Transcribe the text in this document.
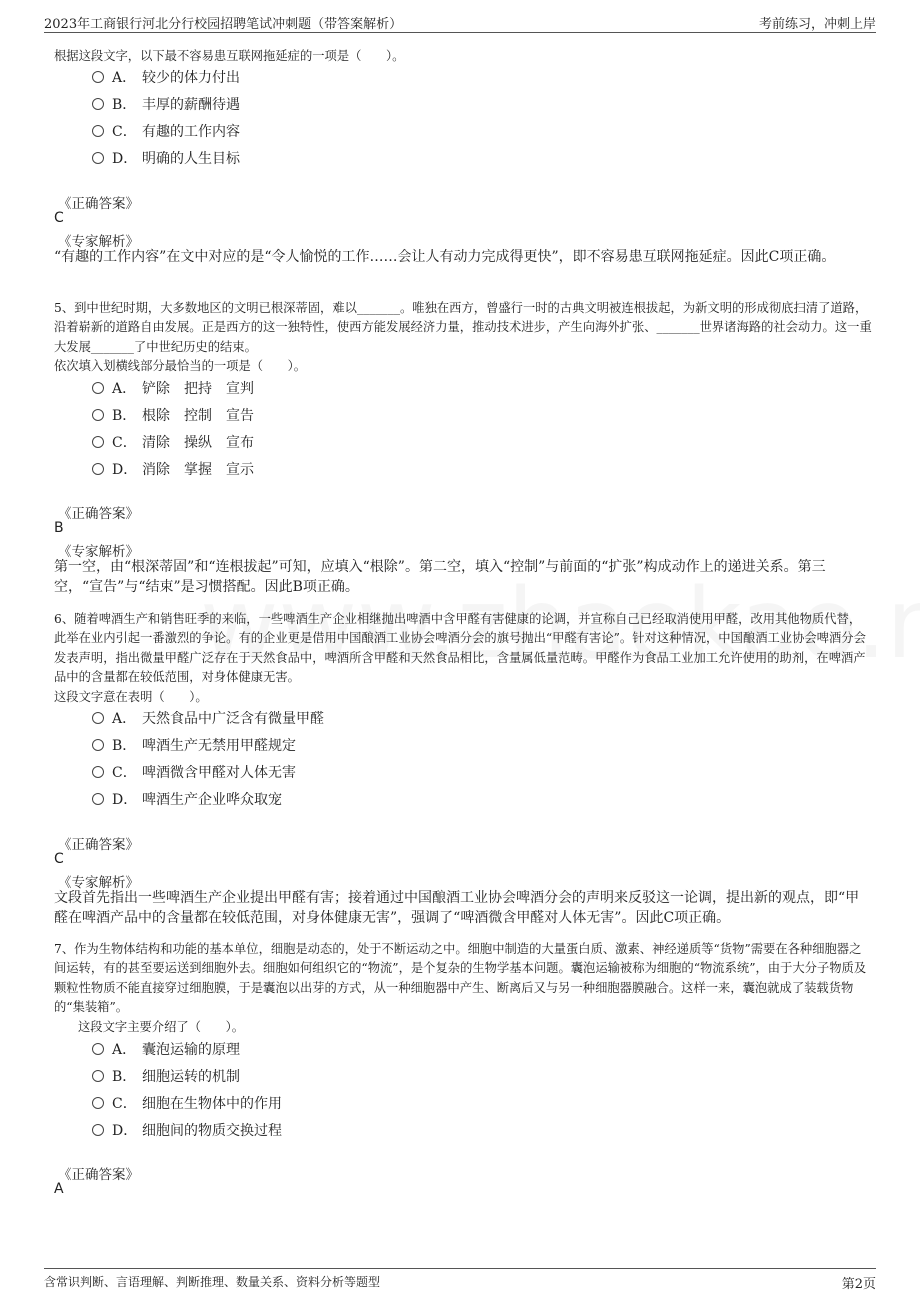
2023年工商银行河北分行校园招聘笔试冲刺题（带答案解析）	考前练习，冲刺上岸
根据这段文字，以下最不容易患互联网拖延症的一项是（　　）。
A． 较少的体力付出
B． 丰厚的薪酬待遇
C． 有趣的工作内容
D． 明确的人生目标
《正确答案》
C
《专家解析》
“有趣的工作内容”在文中对应的是“令人愉悦的工作……会让人有动力完成得更快”，即不容易患互联网拖延症。因此C项正确。
5、到中世纪时期，大多数地区的文明已根深蒂固，难以_______。唯独在西方，曾盛行一时的古典文明被连根拔起，为新文明的形成彻底扫清了道路，沿着崭新的道路自由发展。正是西方的这一独特性，使西方能发展经济力量，推动技术进步，产生向海外扩张、_______世界诸海路的社会动力。这一重大发展_______了中世纪历史的结束。
依次填入划横线部分最恰当的一项是（　　）。
A． 铲除　把持　宣判
B． 根除　控制　宣告
C． 清除　操纵　宣布
D． 消除　掌握　宣示
《正确答案》
B
《专家解析》
第一空，由“根深蒂固”和“连根拔起”可知，应填入“根除”。第二空，填入“控制”与前面的“扩张”构成动作上的递进关系。第三空，“宣告”与“结束”是习惯搭配。因此B项正确。
6、随着啤酒生产和销售旺季的来临，一些啤酒生产企业相继抛出啤酒中含甲醛有害健康的论调，并宣称自己已经取消使用甲醛，改用其他物质代替，此举在业内引起一番激烈的争论。有的企业更是借用中国酿酒工业协会啤酒分会的旗号抛出“甲醛有害论”。针对这种情况，中国酿酒工业协会啤酒分会发表声明，指出微量甲醛广泛存在于天然食品中，啤酒所含甲醛和天然食品相比，含量属低量范畴。甲醛作为食品工业加工允许使用的助剂，在啤酒产品中的含量都在较低范围，对身体健康无害。
这段文字意在表明（　　）。
A． 天然食品中广泛含有微量甲醛
B． 啤酒生产无禁用甲醛规定
C． 啤酒微含甲醛对人体无害
D． 啤酒生产企业哗众取宠
《正确答案》
C
《专家解析》
文段首先指出一些啤酒生产企业提出甲醛有害；接着通过中国酿酒工业协会啤酒分会的声明来反驳这一论调，提出新的观点，即“甲醛在啤酒产品中的含量都在较低范围，对身体健康无害”，强调了“啤酒微含甲醛对人体无害”。因此C项正确。
7、作为生物体结构和功能的基本单位，细胞是动态的，处于不断运动之中。细胞中制造的大量蛋白质、激素、神经递质等“货物”需要在各种细胞器之间运转，有的甚至要运送到细胞外去。细胞如何组织它的“物流”，是个复杂的生物学基本问题。囊泡运输被称为细胞的“物流系统”，由于大分子物质及颗粒性物质不能直接穿过细胞膜，于是囊泡以出芽的方式，从一种细胞器中产生、断离后又与另一种细胞器膜融合。这样一来，囊泡就成了装载货物的“集装箱”。
这段文字主要介绍了（　　）。
A． 囊泡运输的原理
B． 细胞运转的机制
C． 细胞在生物体中的作用
D． 细胞间的物质交换过程
《正确答案》
A
含常识判断、言语理解、判断推理、数量关系、资料分析等题型	第2页
